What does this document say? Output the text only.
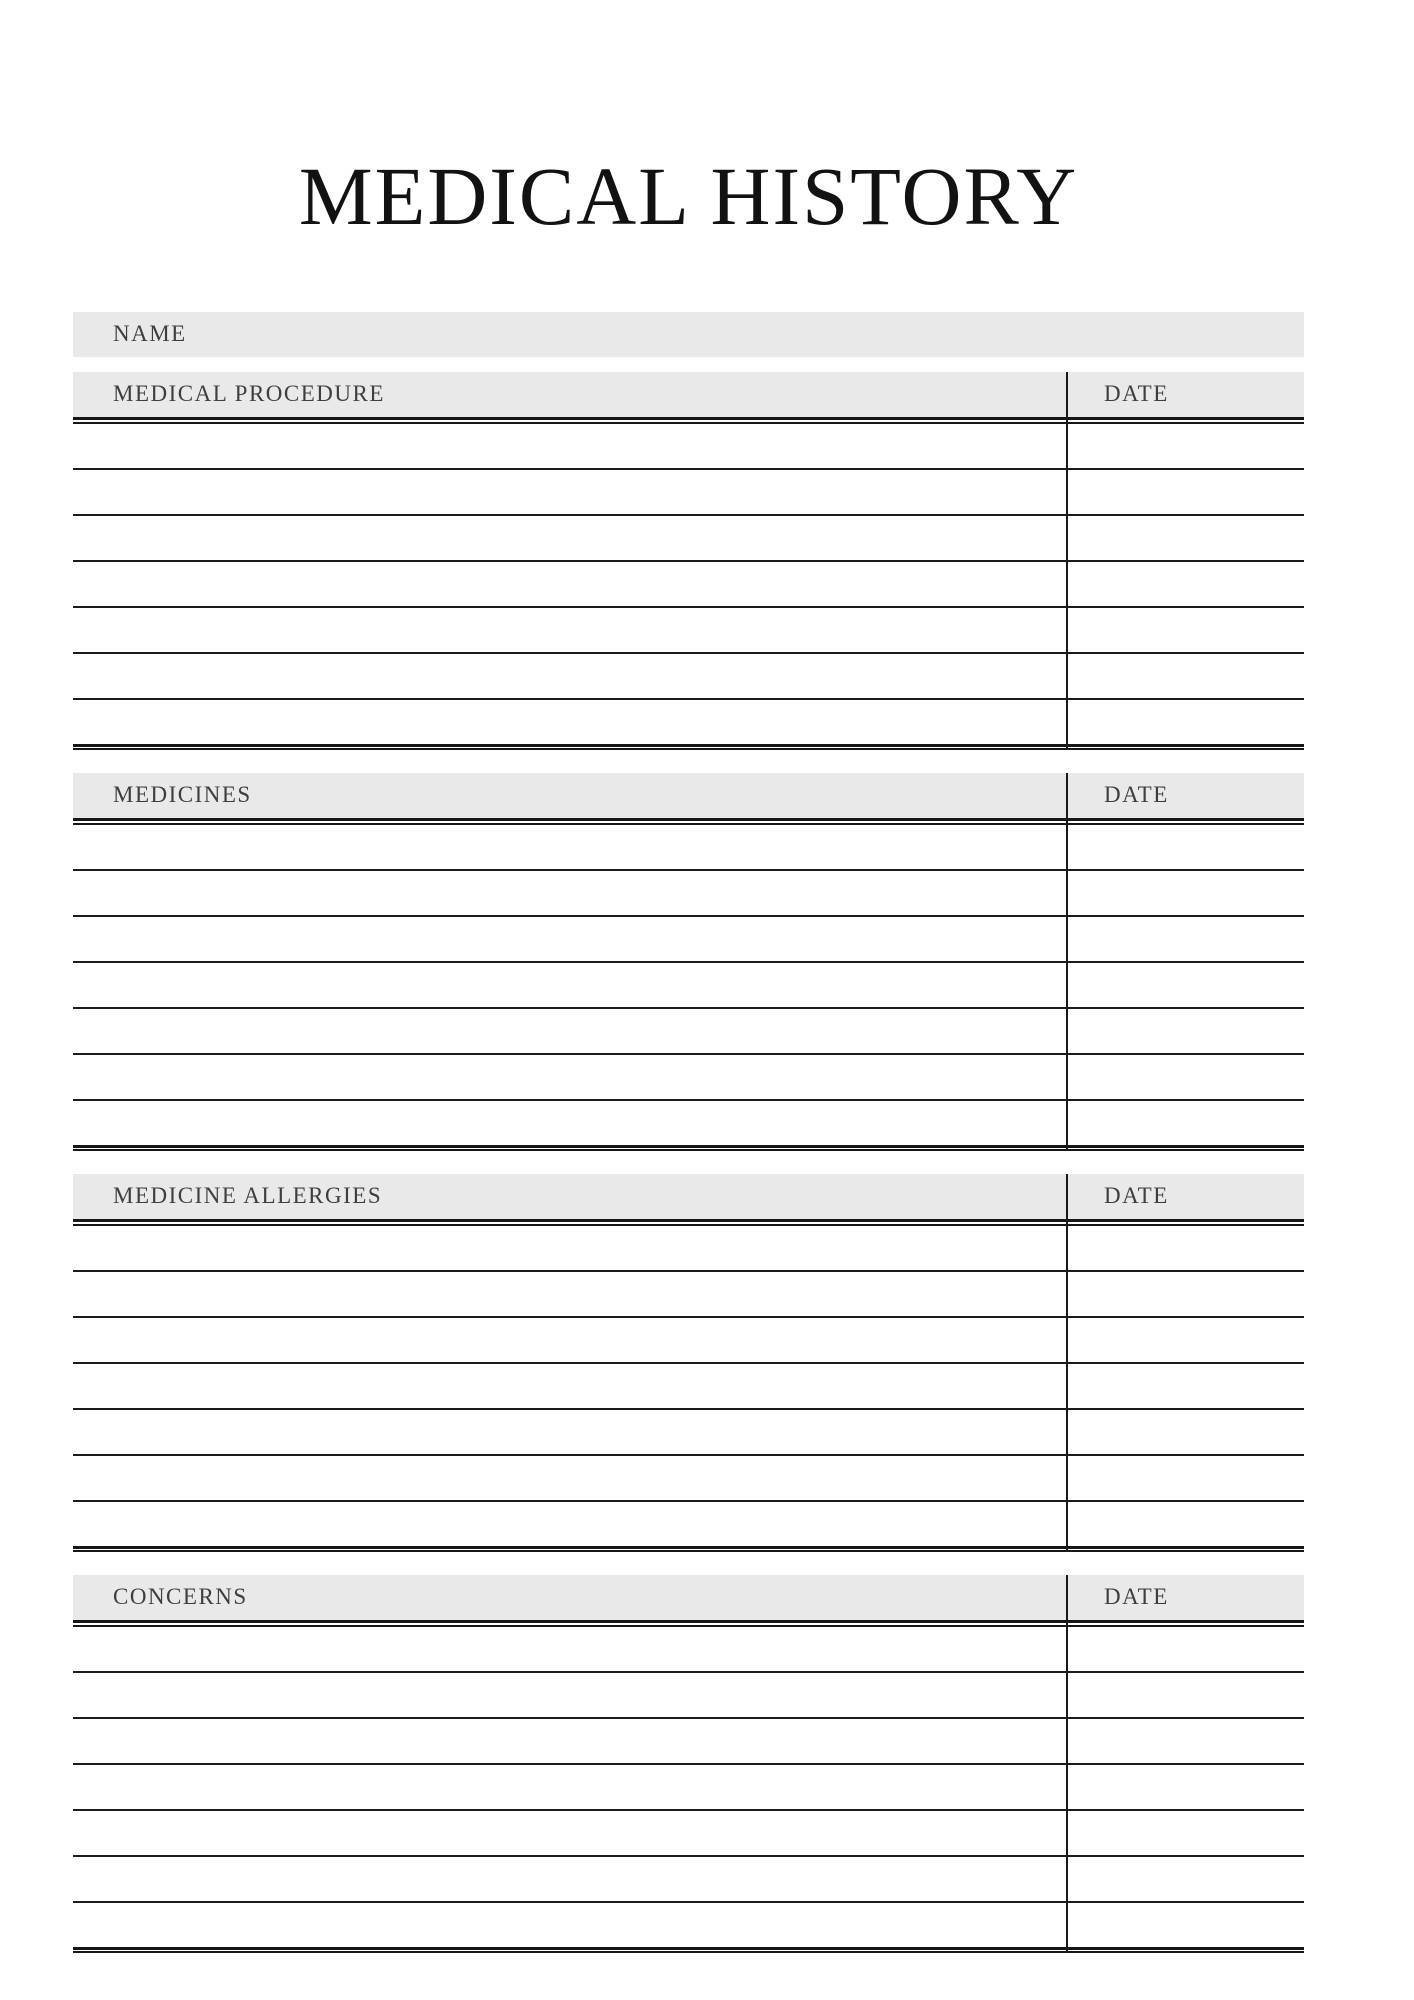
MEDICAL HISTORY
NAME
MEDICAL PROCEDURE	DATE
MEDICINES	DATE
MEDICINE ALLERGIES	DATE
CONCERNS	DATE
